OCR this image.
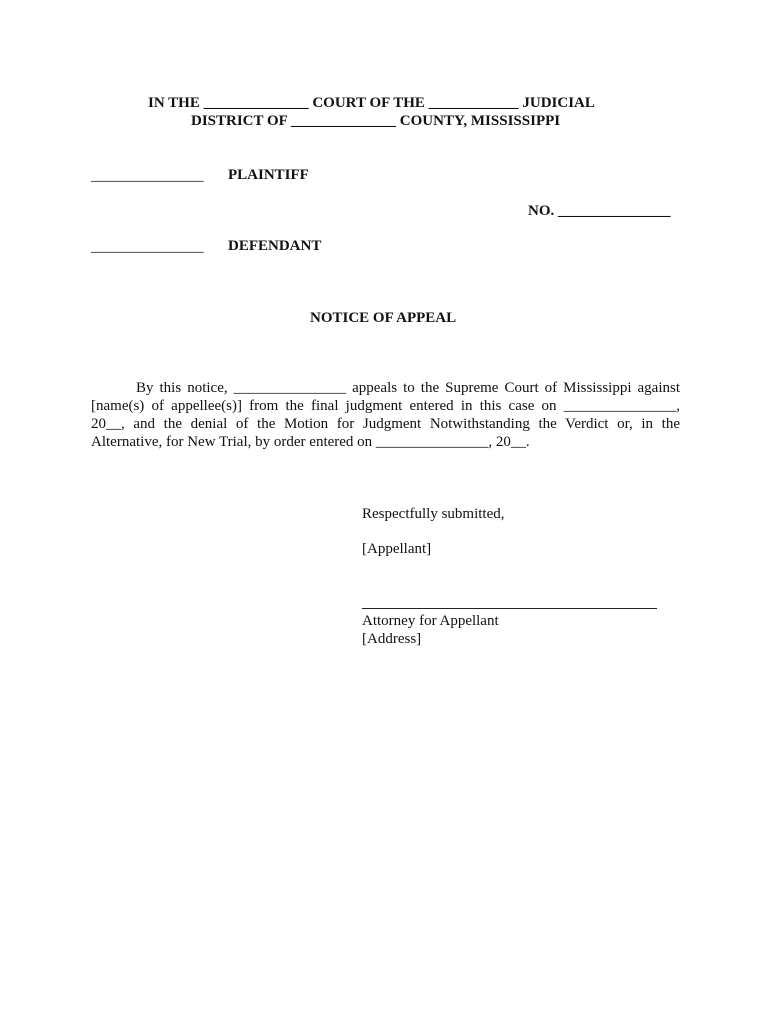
IN THE ______________ COURT OF THE ____________ JUDICIAL
DISTRICT OF ______________ COUNTY, MISSISSIPPI
_______________ PLAINTIFF
NO. _______________
_______________ DEFENDANT
NOTICE OF APPEAL
By this notice, _______________ appeals to the Supreme Court of Mississippi against
[name(s) of appellee(s)] from the final judgment entered in this case on _______________,
20__, and the denial of the Motion for Judgment Notwithstanding the Verdict or, in the
Alternative, for New Trial, by order entered on _______________, 20__.
Respectfully submitted,
[Appellant]
Attorney for Appellant
[Address]
